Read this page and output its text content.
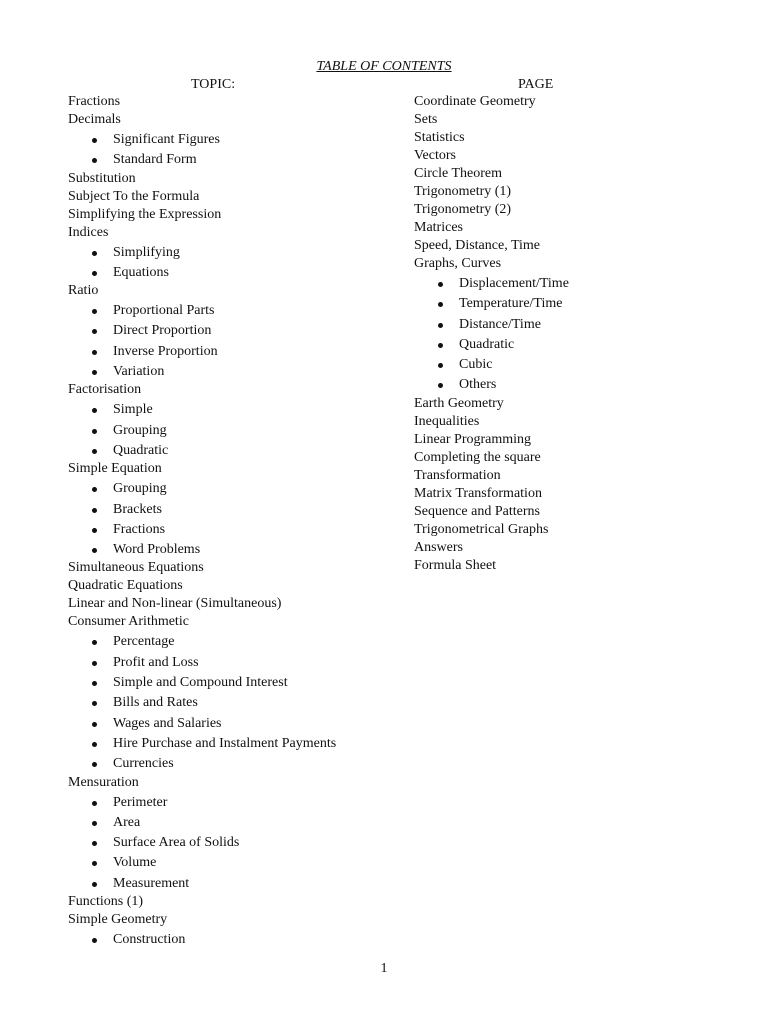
TABLE OF CONTENTS
TOPIC:	PAGE
Fractions
Decimals
Significant Figures
Standard Form
Substitution
Subject To the Formula
Simplifying the Expression
Indices
Simplifying
Equations
Ratio
Proportional Parts
Direct Proportion
Inverse Proportion
Variation
Factorisation
Simple
Grouping
Quadratic
Simple Equation
Grouping
Brackets
Fractions
Word Problems
Simultaneous Equations
Quadratic Equations
Linear and Non-linear (Simultaneous)
Consumer Arithmetic
Percentage
Profit and Loss
Simple and Compound Interest
Bills and Rates
Wages and Salaries
Hire Purchase and Instalment Payments
Currencies
Mensuration
Perimeter
Area
Surface Area of Solids
Volume
Measurement
Functions (1)
Simple Geometry
Construction
Coordinate Geometry
Sets
Statistics
Vectors
Circle Theorem
Trigonometry (1)
Trigonometry (2)
Matrices
Speed, Distance, Time
Graphs, Curves
Displacement/Time
Temperature/Time
Distance/Time
Quadratic
Cubic
Others
Earth Geometry
Inequalities
Linear Programming
Completing the square
Transformation
Matrix Transformation
Sequence and Patterns
Trigonometrical Graphs
Answers
Formula Sheet
1
